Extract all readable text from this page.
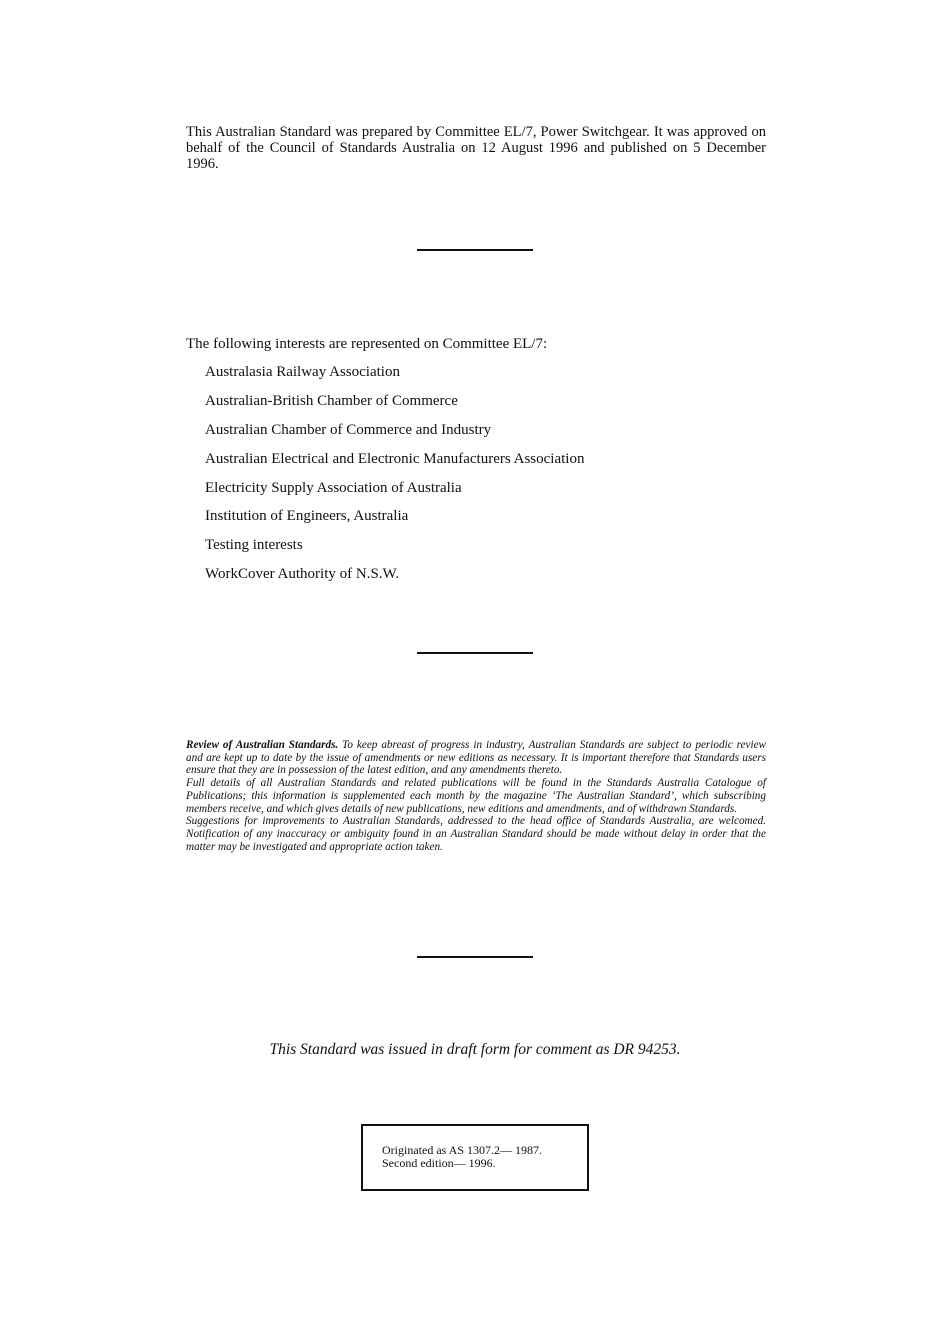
This Australian Standard was prepared by Committee EL/7, Power Switchgear. It was approved on behalf of the Council of Standards Australia on 12 August 1996 and published on 5 December 1996.
The following interests are represented on Committee EL/7:
Australasia Railway Association
Australian-British Chamber of Commerce
Australian Chamber of Commerce and Industry
Australian Electrical and Electronic Manufacturers Association
Electricity Supply Association of Australia
Institution of Engineers, Australia
Testing interests
WorkCover Authority of N.S.W.

Review of Australian Standards. To keep abreast of progress in industry, Australian Standards are subject to periodic review and are kept up to date by the issue of amendments or new editions as necessary. It is important therefore that Standards users ensure that they are in possession of the latest edition, and any amendments thereto.

Full details of all Australian Standards and related publications will be found in the Standards Australia Catalogue of Publications; this information is supplemented each month by the magazine ‘The Australian Standard’, which subscribing members receive, and which gives details of new publications, new editions and amendments, and of withdrawn Standards.

Suggestions for improvements to Australian Standards, addressed to the head office of Standards Australia, are welcomed. Notification of any inaccuracy or ambiguity found in an Australian Standard should be made without delay in order that the matter may be investigated and appropriate action taken.

This Standard was issued in draft form for comment as DR 94253.
Originated as AS 1307.2— 1987.
Second edition— 1996.
